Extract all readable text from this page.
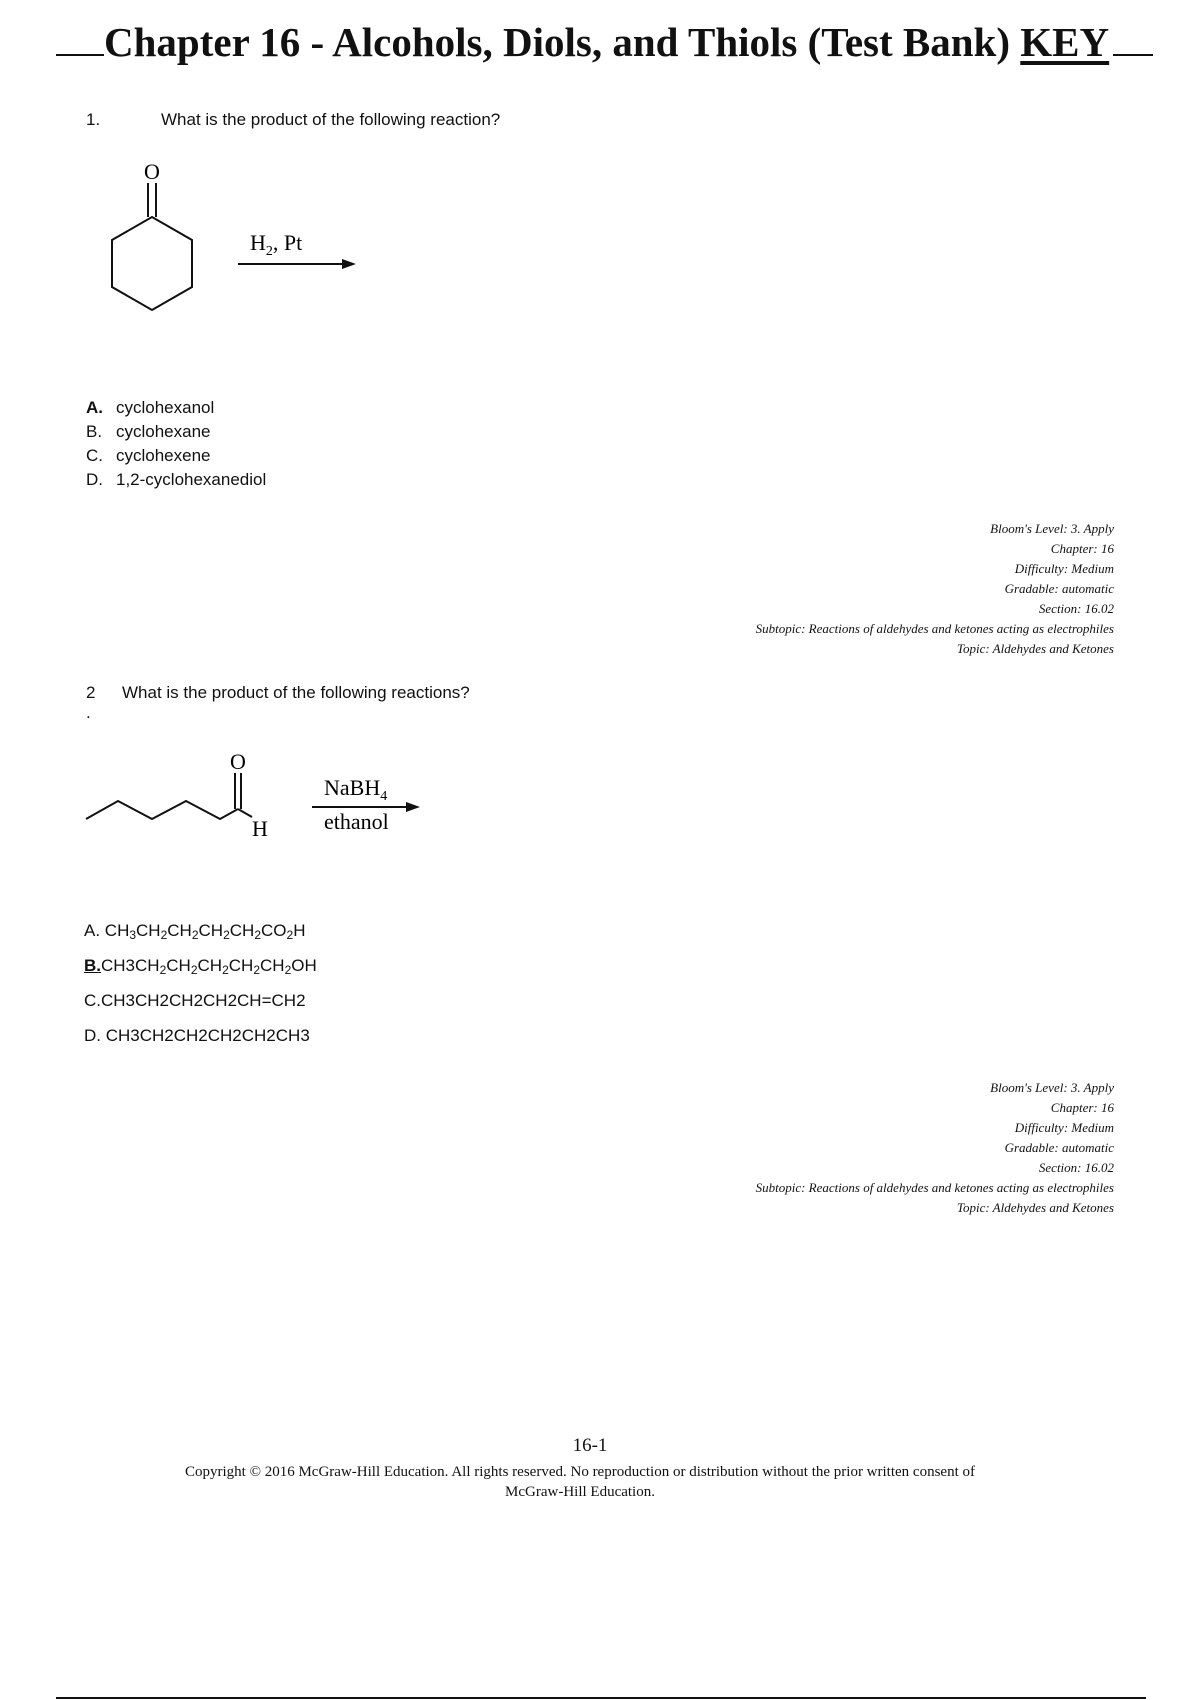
Chapter 16 - Alcohols, Diols, and Thiols (Test Bank) KEY
1.	What is the product of the following reaction?
O
$H_2$, Pt
A. cyclohexanol
B. cyclohexane
C. cyclohexene
D. 1,2-cyclohexanediol
Bloom's Level: 3. Apply
Chapter: 16
Difficulty: Medium
Gradable: automatic
Section: 16.02
Subtopic: Reactions of aldehydes and ketones acting as electrophiles
Topic: Aldehydes and Ketones
2
.
What is the product of the following reactions?
O
H
NaBH$_4$
ethanol
A. $CH_3CH_2CH_2CH_2CH_2CO_2H$
$B.CH3CH_2CH_2CH_2CH_2CH_2OH$
C.CH3CH2CH2CH2CH=CH2
D. CH3CH2CH2CH2CH2CH3
Bloom's Level: 3. Apply
Chapter: 16
Difficulty: Medium
Gradable: automatic
Section: 16.02
Subtopic: Reactions of aldehydes and ketones acting as electrophiles
Topic: Aldehydes and Ketones
16-1
Copyright © 2016 McGraw-Hill Education. All rights reserved. No reproduction or distribution without the prior written consent of
McGraw-Hill Education.
